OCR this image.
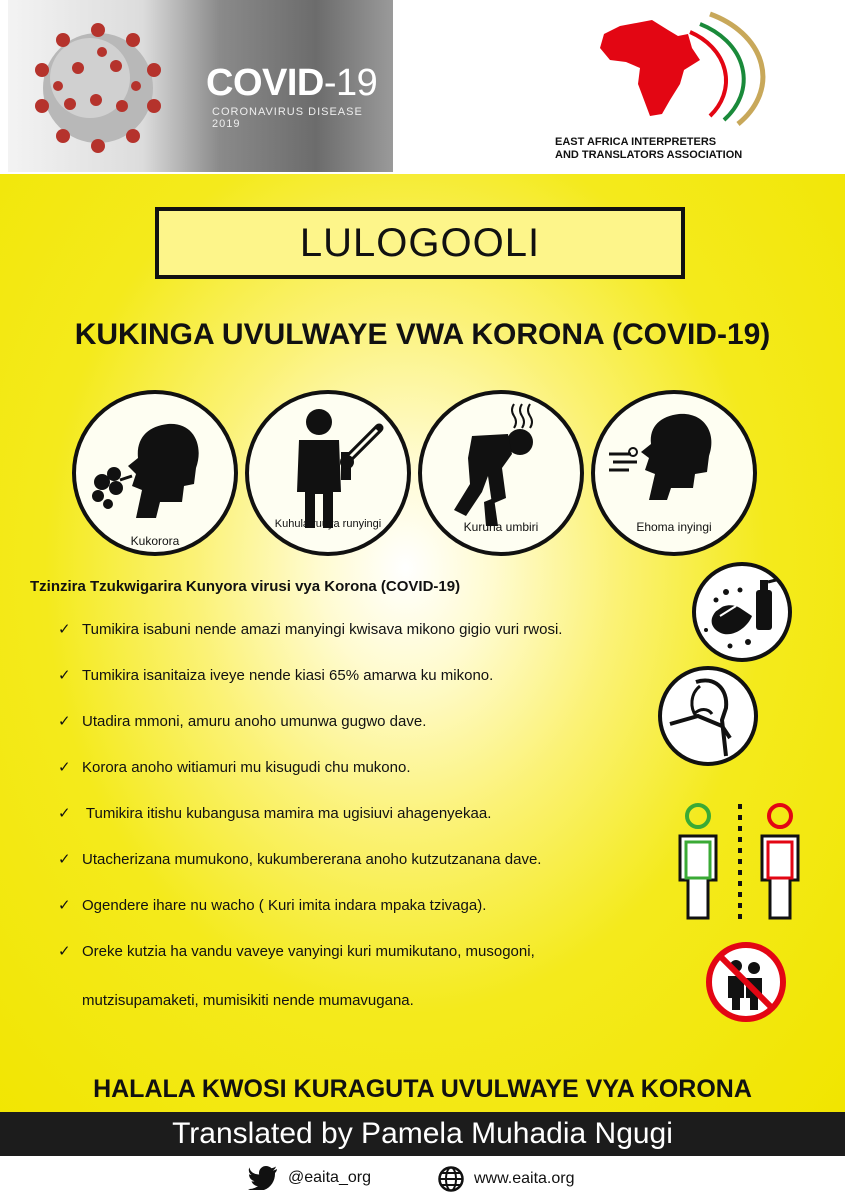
COVID-19
CORONAVIRUS DISEASE 2019
EAST AFRICA INTERPRETERS
AND TRANSLATORS ASSOCIATION
LULOGOOLI
KUKINGA UVULWAYE VWA KORONA (COVID-19)
Kukorora
Kuhula ruuya runyingi	Kuruha umbiri	Ehoma inyingi
Tzinzira Tzukwigarira Kunyora virusi vya Korona (COVID-19)
✓ Tumikira isabuni nende amazi manyingi kwisava mikono gigio vuri rwosi.
✓ Tumikira isanitaiza iveye nende kiasi 65% amarwa ku mikono.
✓ Utadira mmoni, amuru anoho umunwa gugwo dave.
✓ Korora anoho witiamuri mu kisugudi chu mukono.
✓ Tumikira itishu kubangusa mamira ma ugisiuvi ahagenyekaa.
✓ Utacherizana mumukono, kukumbererana anoho kutzutzanana dave.
✓ Ogendere ihare nu wacho ( Kuri imita indara mpaka tzivaga).
✓ Oreke kutzia ha vandu vaveye vanyingi kuri mumikutano, musogoni,
mutzisupamaketi, mumisikiti nende mumavugana.
HALALA KWOSI KURAGUTA UVULWAYE VYA KORONA
Translated by Pamela Muhadia Ngugi
@eaita_org	www.eaita.org
